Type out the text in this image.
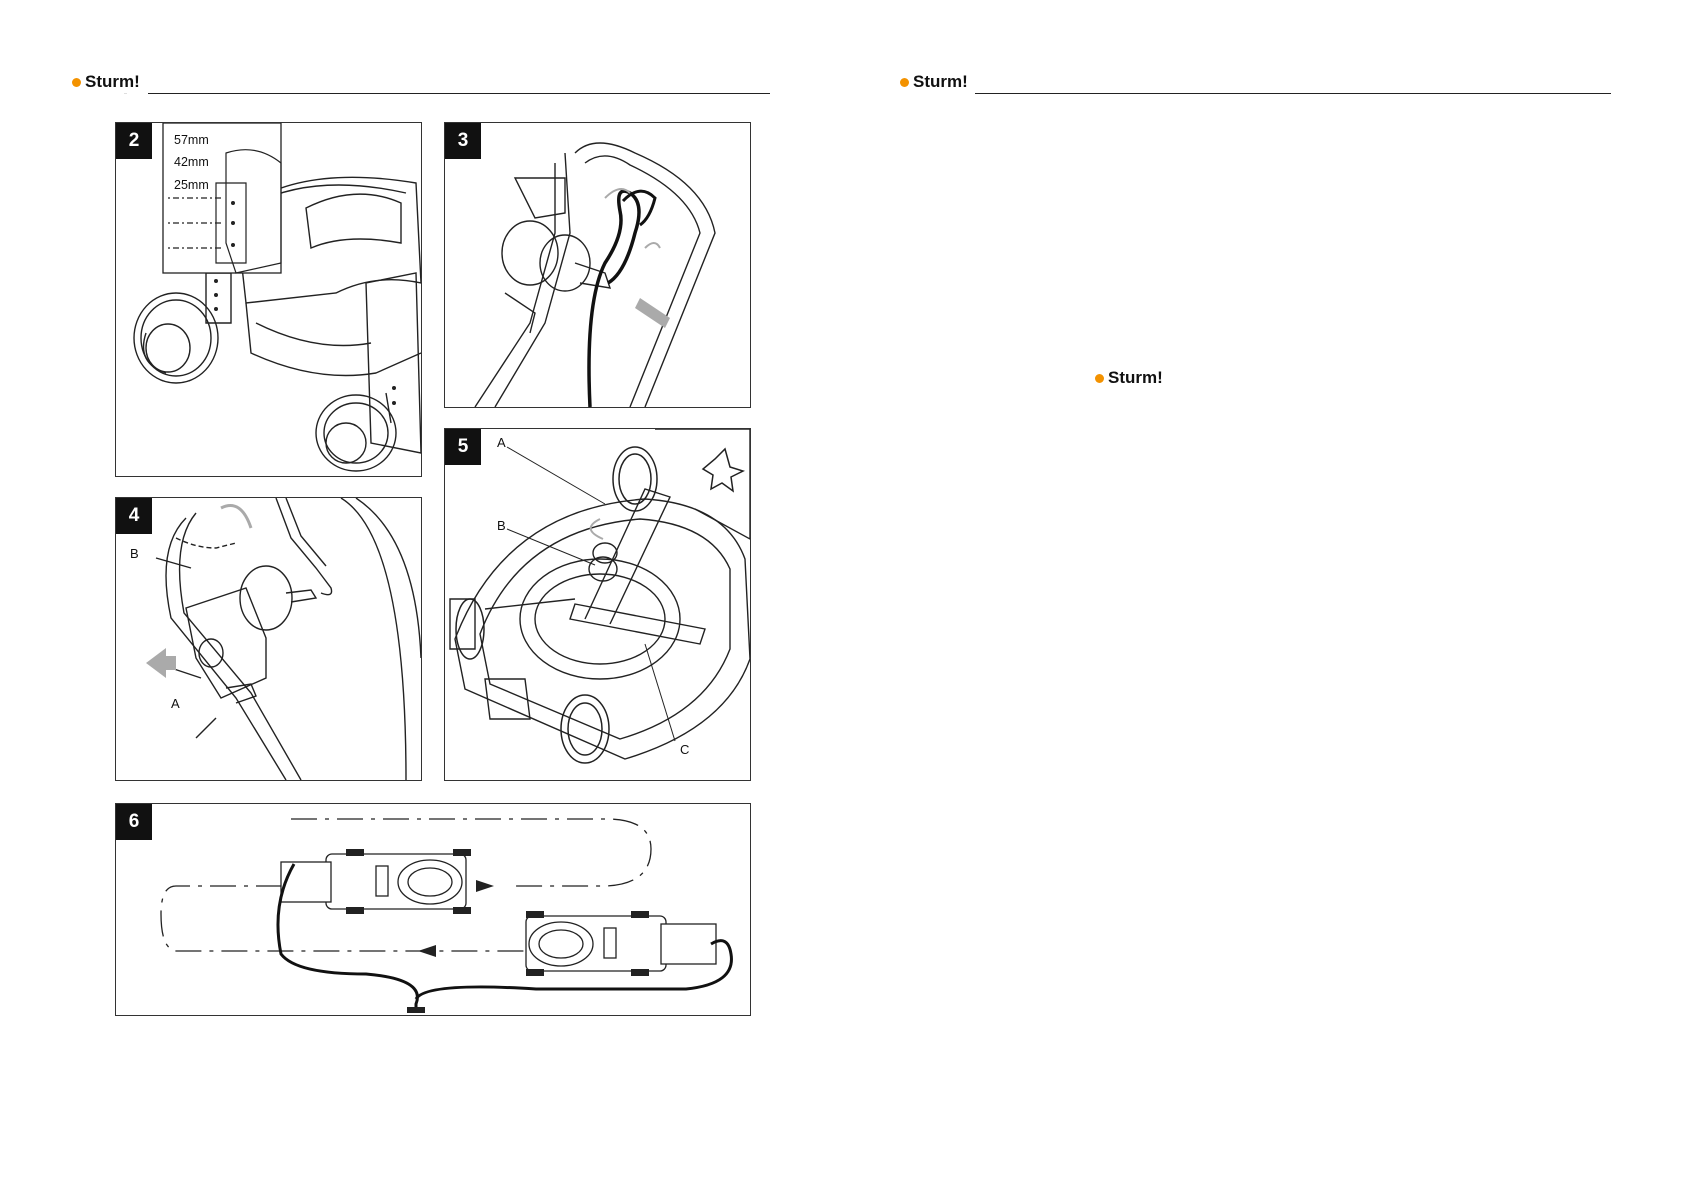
Sturm!
—
57mm
42mm
25mm
2	3
B
A
4
A
B
C
5
6
Sturm!
Sturm!
